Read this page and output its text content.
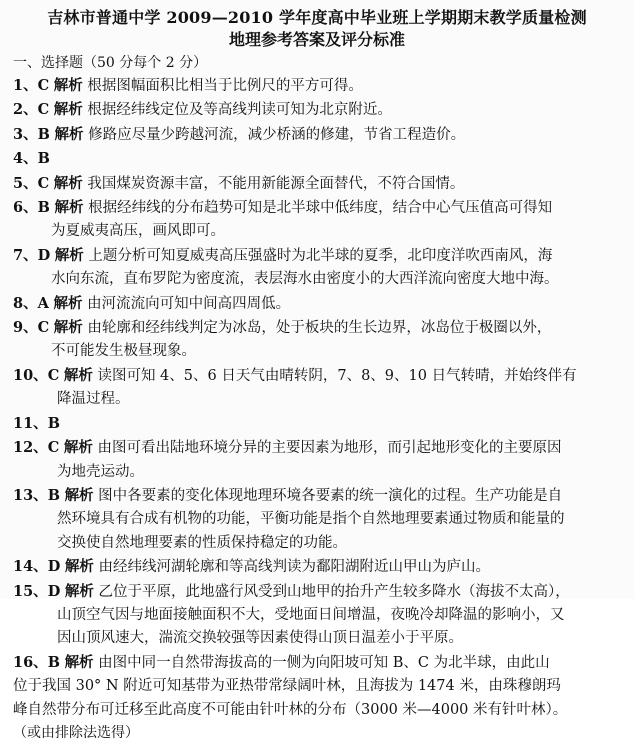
吉林市普通中学 2009—2010 学年度高中毕业班上学期期末教学质量检测
地理参考答案及评分标准
一、选择题（50 分每个 2 分）
1、C 解析 根据图幅面积比相当于比例尺的平方可得。
2、C 解析 根据经纬线定位及等高线判读可知为北京附近。
3、B 解析 修路应尽量少跨越河流，减少桥涵的修建，节省工程造价。
4、B
5、C 解析 我国煤炭资源丰富，不能用新能源全面替代，不符合国情。
6、B 解析 根据经纬线的分布趋势可知是北半球中低纬度，结合中心气压值高可得知
为夏威夷高压，画风即可。
7、D 解析 上题分析可知夏威夷高压强盛时为北半球的夏季，北印度洋吹西南风，海
水向东流，直布罗陀为密度流，表层海水由密度小的大西洋流向密度大地中海。
8、A 解析 由河流流向可知中间高四周低。
9、C 解析 由轮廓和经纬线判定为冰岛，处于板块的生长边界，冰岛位于极圈以外，
不可能发生极昼现象。
10、C 解析 读图可知 4、5、6 日天气由晴转阴，7、8、9、10 日气转晴，并始终伴有
降温过程。
11、B
12、C 解析 由图可看出陆地环境分异的主要因素为地形，而引起地形变化的主要原因
为地壳运动。
13、B 解析 图中各要素的变化体现地理环境各要素的统一演化的过程。生产功能是自
然环境具有合成有机物的功能，平衡功能是指个自然地理要素通过物质和能量的
交换使自然地理要素的性质保持稳定的功能。
14、D 解析 由经纬线河湖轮廓和等高线判读为鄱阳湖附近山甲山为庐山。
15、D 解析 乙位于平原，此地盛行风受到山地甲的抬升产生较多降水（海拔不太高），
山顶空气因与地面接触面积不大，受地面日间增温，夜晚冷却降温的影响小，又
因山顶风速大，湍流交换较强等因素使得山顶日温差小于平原。
16、B 解析 由图中同一自然带海拔高的一侧为向阳坡可知 B、C 为北半球，由此山
位于我国 30° N 附近可知基带为亚热带常绿阔叶林，且海拔为 1474 米，由珠穆朗玛
峰自然带分布可迁移至此高度不可能由针叶林的分布（3000 米—4000 米有针叶林）。
（或由排除法选得）
